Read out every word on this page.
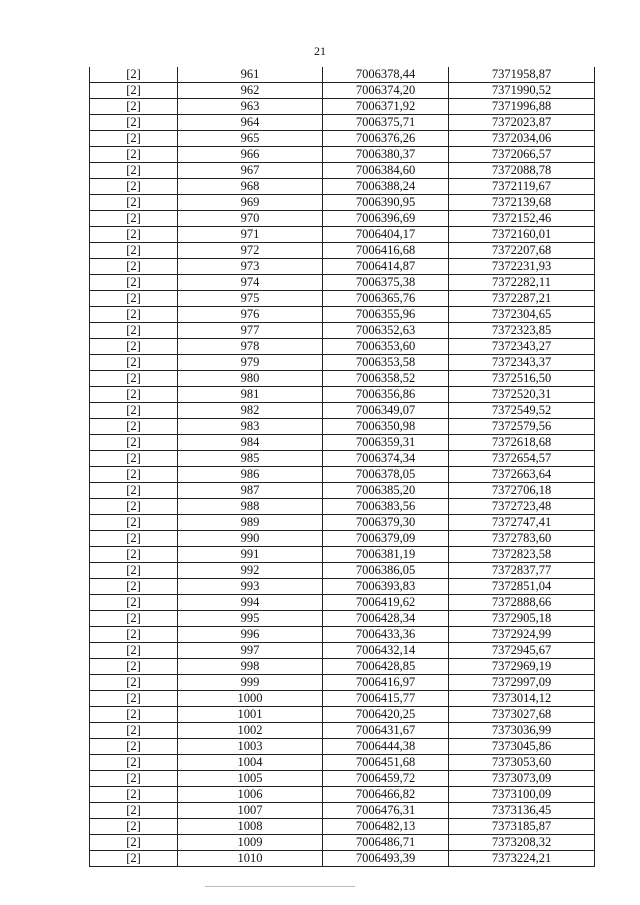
21
[2]	961	7006378,44	7371958,87
[2]	962	7006374,20	7371990,52
[2]	963	7006371,92	7371996,88
[2]	964	7006375,71	7372023,87
[2]	965	7006376,26	7372034,06
[2]	966	7006380,37	7372066,57
[2]	967	7006384,60	7372088,78
[2]	968	7006388,24	7372119,67
[2]	969	7006390,95	7372139,68
[2]	970	7006396,69	7372152,46
[2]	971	7006404,17	7372160,01
[2]	972	7006416,68	7372207,68
[2]	973	7006414,87	7372231,93
[2]	974	7006375,38	7372282,11
[2]	975	7006365,76	7372287,21
[2]	976	7006355,96	7372304,65
[2]	977	7006352,63	7372323,85
[2]	978	7006353,60	7372343,27
[2]	979	7006353,58	7372343,37
[2]	980	7006358,52	7372516,50
[2]	981	7006356,86	7372520,31
[2]	982	7006349,07	7372549,52
[2]	983	7006350,98	7372579,56
[2]	984	7006359,31	7372618,68
[2]	985	7006374,34	7372654,57
[2]	986	7006378,05	7372663,64
[2]	987	7006385,20	7372706,18
[2]	988	7006383,56	7372723,48
[2]	989	7006379,30	7372747,41
[2]	990	7006379,09	7372783,60
[2]	991	7006381,19	7372823,58
[2]	992	7006386,05	7372837,77
[2]	993	7006393,83	7372851,04
[2]	994	7006419,62	7372888,66
[2]	995	7006428,34	7372905,18
[2]	996	7006433,36	7372924,99
[2]	997	7006432,14	7372945,67
[2]	998	7006428,85	7372969,19
[2]	999	7006416,97	7372997,09
[2]	1000	7006415,77	7373014,12
[2]	1001	7006420,25	7373027,68
[2]	1002	7006431,67	7373036,99
[2]	1003	7006444,38	7373045,86
[2]	1004	7006451,68	7373053,60
[2]	1005	7006459,72	7373073,09
[2]	1006	7006466,82	7373100,09
[2]	1007	7006476,31	7373136,45
[2]	1008	7006482,13	7373185,87
[2]	1009	7006486,71	7373208,32
[2]	1010	7006493,39	7373224,21
